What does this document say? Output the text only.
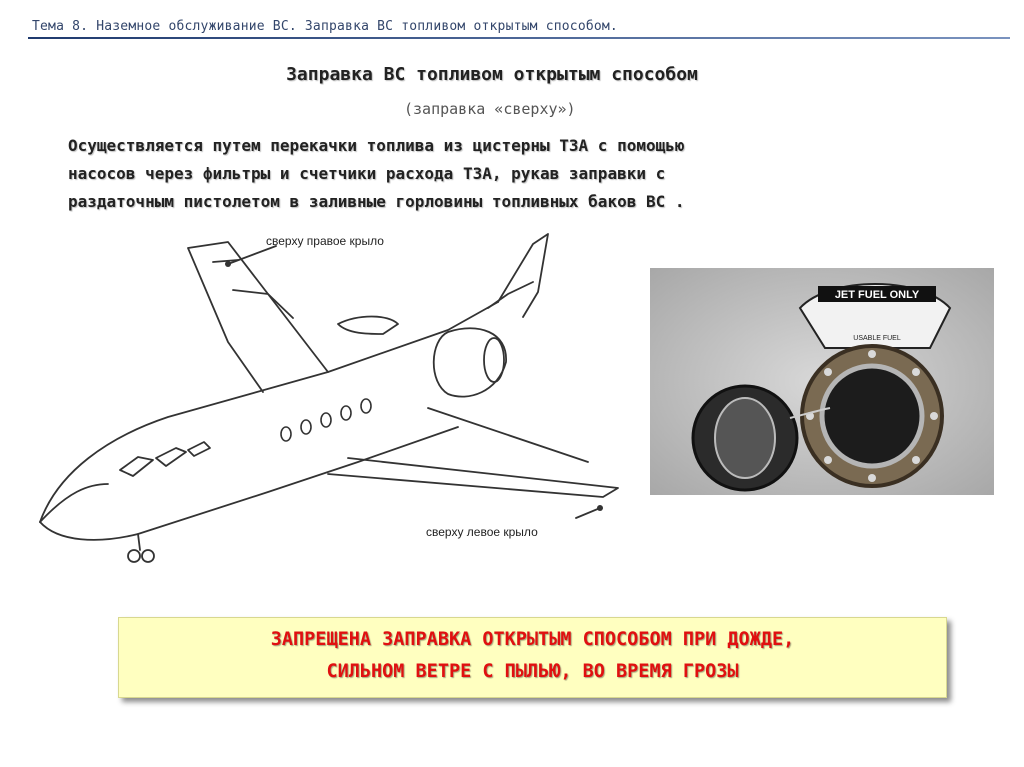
Тема 8. Наземное обслуживание ВС. Заправка ВС топливом открытым способом.
Заправка ВС топливом открытым способом
(заправка «сверху»)
Осуществляется путем перекачки топлива из цистерны ТЗА с помощью
насосов через фильтры и счетчики расхода ТЗА, рукав заправки с
раздаточным пистолетом в заливные горловины топливных баков ВС .
сверху правое крыло
сверху левое крыло
JET FUEL ONLY
USABLE FUEL
ЗАПРЕЩЕНА ЗАПРАВКА ОТКРЫТЫМ СПОСОБОМ ПРИ ДОЖДЕ,
СИЛЬНОМ ВЕТРЕ С ПЫЛЬЮ, ВО ВРЕМЯ ГРОЗЫ
